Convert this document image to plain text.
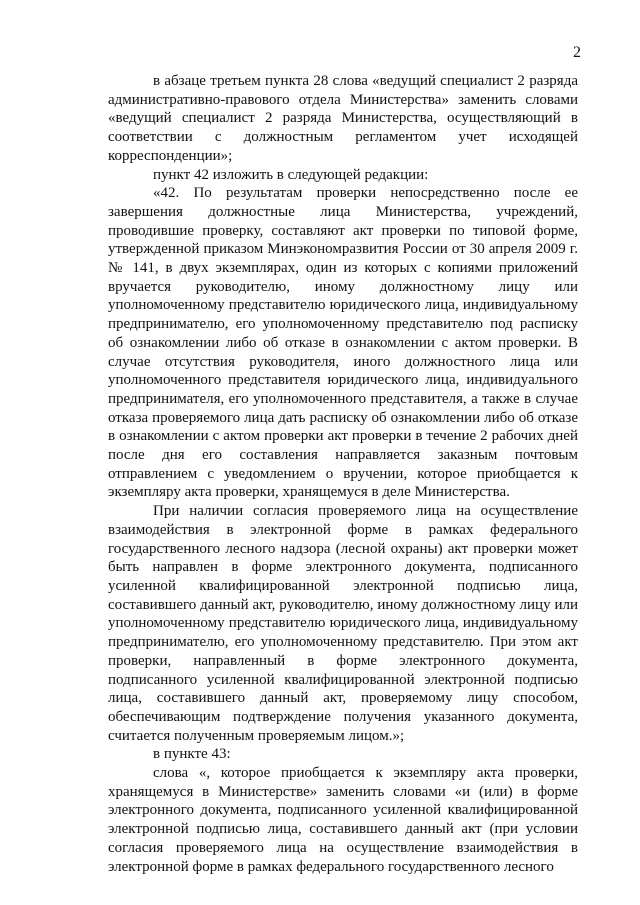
2

в абзаце третьем пункта 28 слова «ведущий специалист 2 разряда административно-правового отдела Министерства» заменить словами «ведущий специалист 2 разряда Министерства, осуществляющий в соответствии с должностным регламентом учет исходящей корреспонденции»;

пункт 42 изложить в следующей редакции:

«42. По результатам проверки непосредственно после ее завершения должностные лица Министерства, учреждений, проводившие проверку, составляют акт проверки по типовой форме, утвержденной приказом Минэкономразвития России от 30 апреля 2009 г. № 141, в двух экземплярах, один из которых с копиями приложений вручается руководителю, иному должностному лицу или уполномоченному представителю юридического лица, индивидуальному предпринимателю, его уполномоченному представителю под расписку об ознакомлении либо об отказе в ознакомлении с актом проверки. В случае отсутствия руководителя, иного должностного лица или уполномоченного представителя юридического лица, индивидуального предпринимателя, его уполномоченного представителя, а также в случае отказа проверяемого лица дать расписку об ознакомлении либо об отказе в ознакомлении с актом проверки акт проверки в течение 2 рабочих дней после дня его составления направляется заказным почтовым отправлением с уведомлением о вручении, которое приобщается к экземпляру акта проверки, хранящемуся в деле Министерства.

При наличии согласия проверяемого лица на осуществление взаимодействия в электронной форме в рамках федерального государственного лесного надзора (лесной охраны) акт проверки может быть направлен в форме электронного документа, подписанного усиленной квалифицированной электронной подписью лица, составившего данный акт, руководителю, иному должностному лицу или уполномоченному представителю юридического лица, индивидуальному предпринимателю, его уполномоченному представителю. При этом акт проверки, направленный в форме электронного документа, подписанного усиленной квалифицированной электронной подписью лица, составившего данный акт, проверяемому лицу способом, обеспечивающим подтверждение получения указанного документа, считается полученным проверяемым лицом.»;

в пункте 43:

слова «, которое приобщается к экземпляру акта проверки, хранящемуся в Министерстве» заменить словами «и (или) в форме электронного документа, подписанного усиленной квалифицированной электронной подписью лица, составившего данный акт (при условии согласия проверяемого лица на осуществление взаимодействия в электронной форме в рамках федерального государственного лесного
